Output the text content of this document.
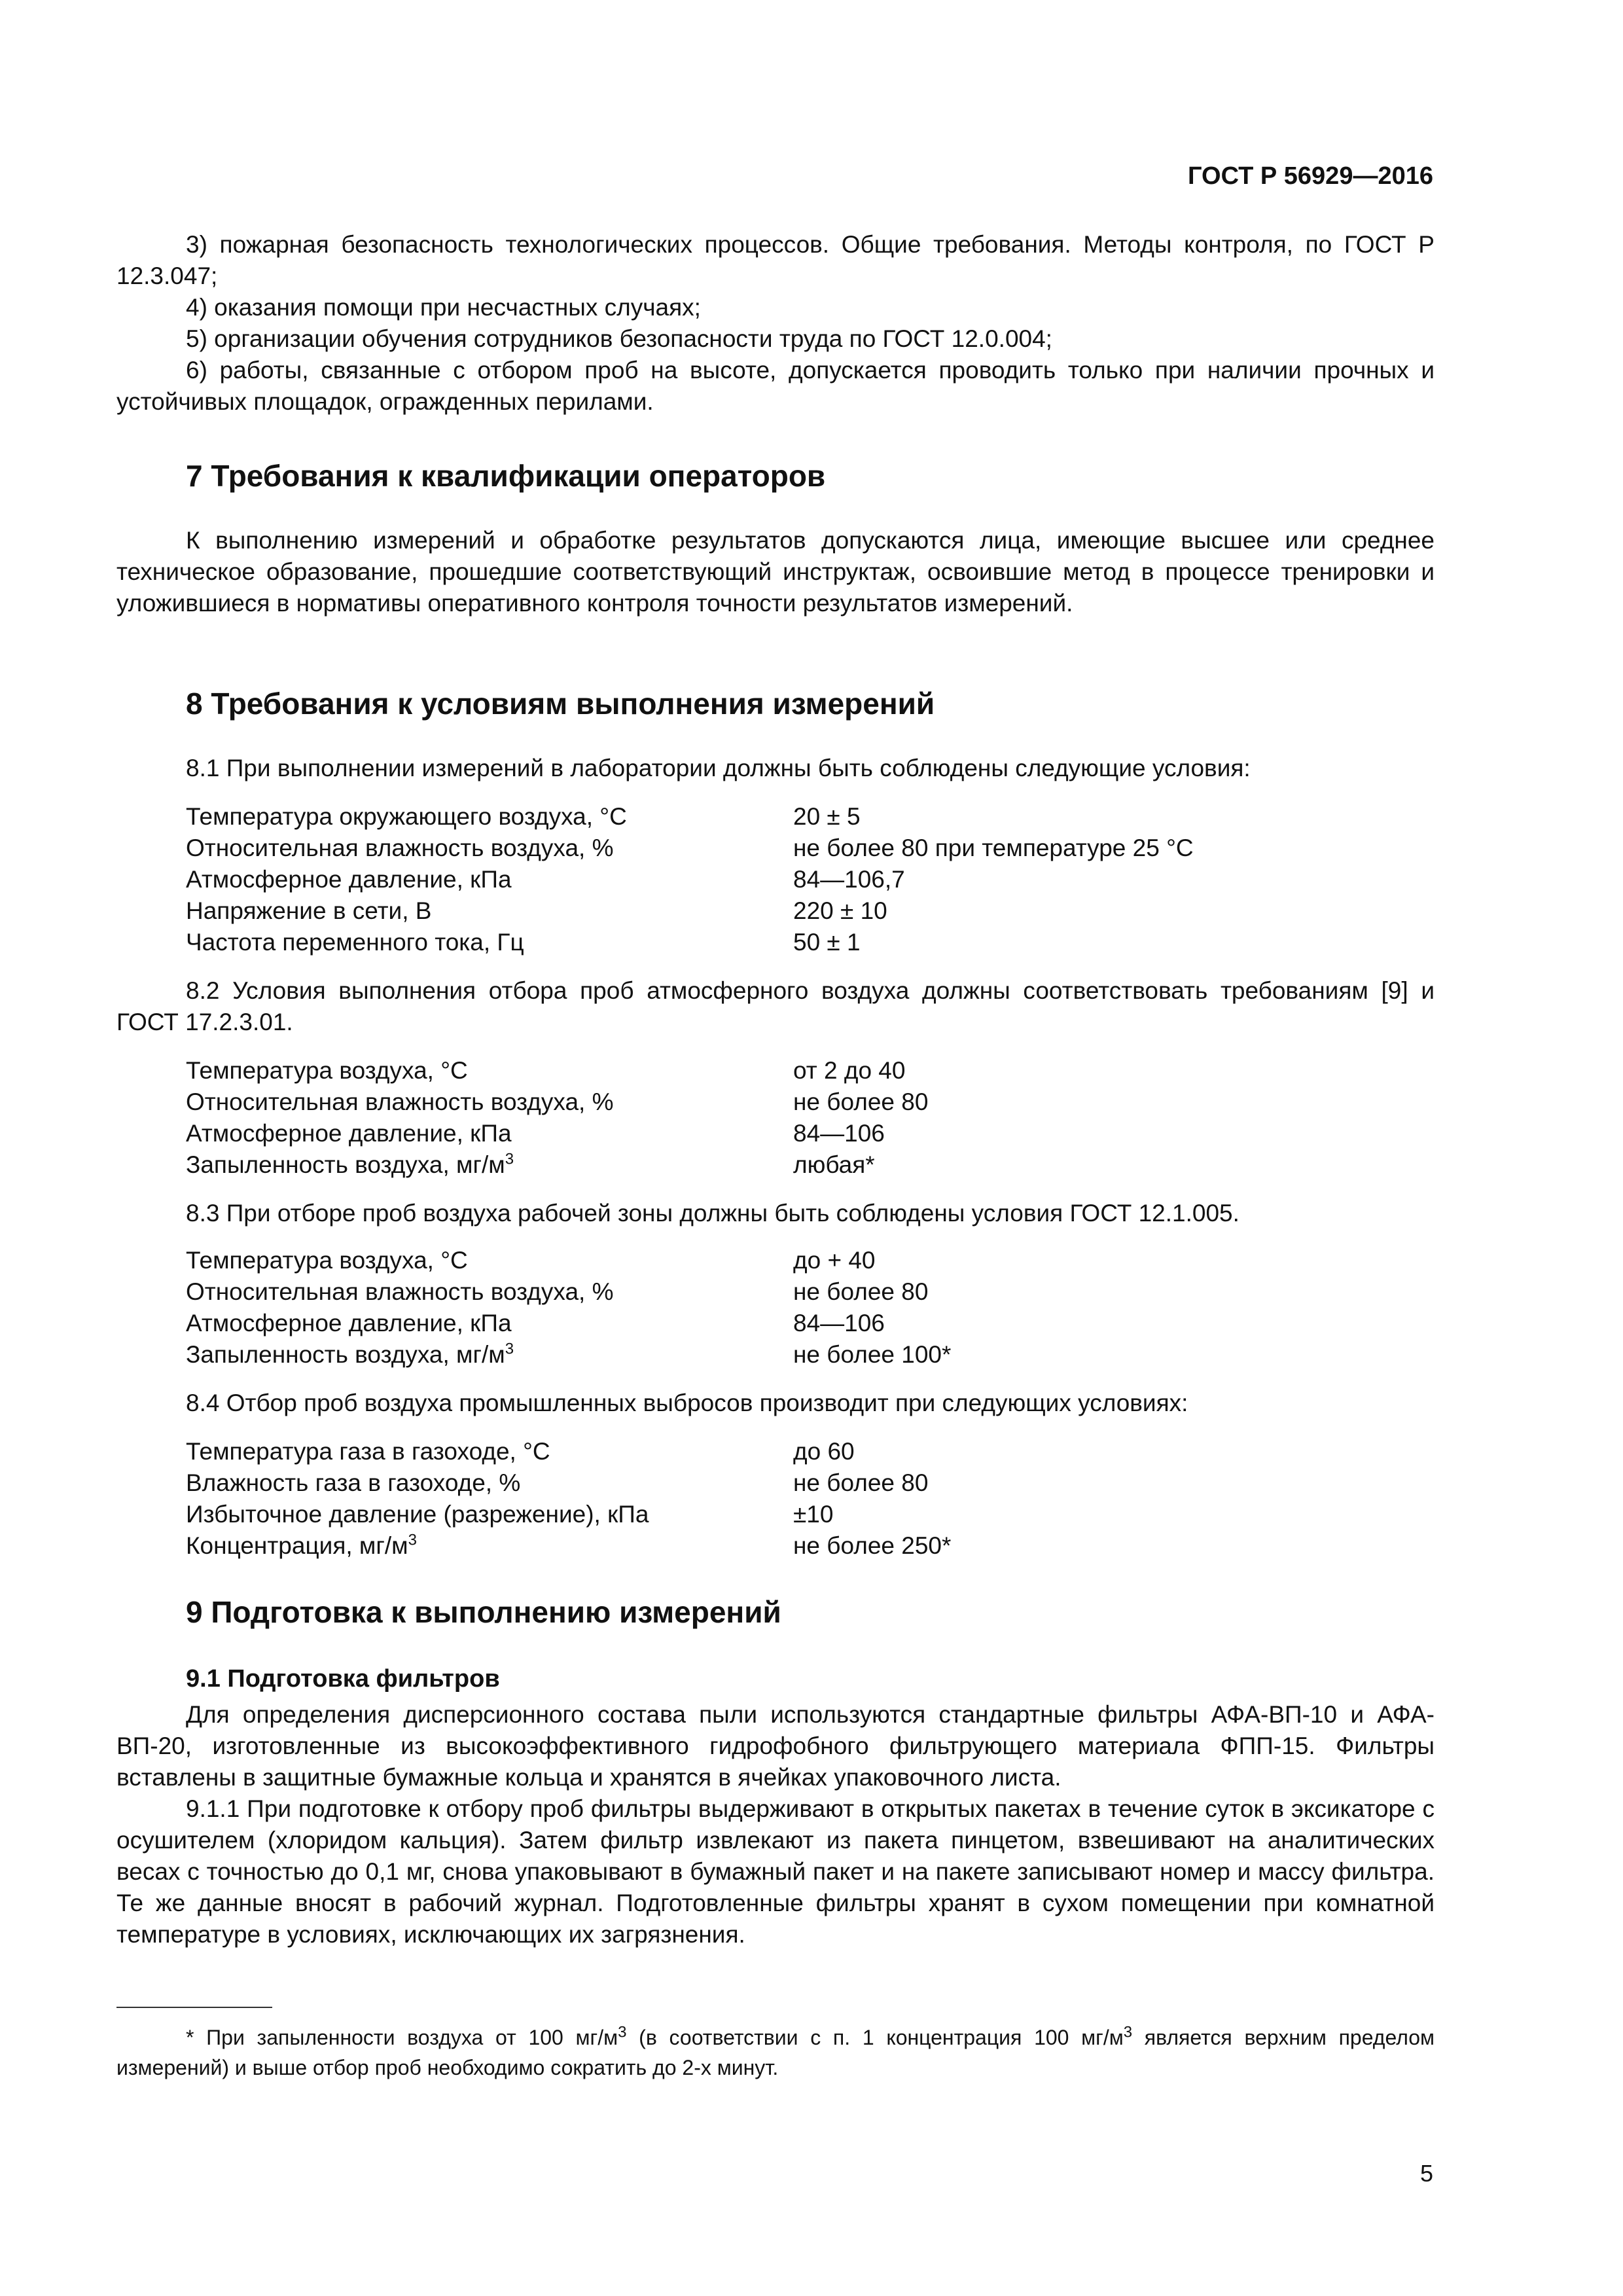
ГОСТ Р 56929—2016
3) пожарная безопасность технологических процессов. Общие требования. Методы контроля, по ГОСТ Р 12.3.047;
4) оказания помощи при несчастных случаях;
5) организации обучения сотрудников безопасности труда по ГОСТ 12.0.004;
6) работы, связанные с отбором проб на высоте, допускается проводить только при наличии прочных и устойчивых площадок, огражденных перилами.
7 Требования к квалификации операторов
К выполнению измерений и обработке результатов допускаются лица, имеющие высшее или среднее техническое образование, прошедшие соответствующий инструктаж, освоившие метод в процессе тренировки и уложившиеся в нормативы оперативного контроля точности результатов измерений.
8 Требования к условиям выполнения измерений
8.1 При выполнении измерений в лаборатории должны быть соблюдены следующие условия:
Температура окружающего воздуха, °С	20 ± 5
Относительная влажность воздуха, %	не более 80 при температуре 25 °С
Атмосферное давление, кПа	84—106,7
Напряжение в сети, В	220 ± 10
Частота переменного тока, Гц	50 ± 1
8.2 Условия выполнения отбора проб атмосферного воздуха должны соответствовать требованиям [9] и ГОСТ 17.2.3.01.
Температура воздуха, °С	от 2 до 40
Относительная влажность воздуха, %	не более 80
Атмосферное давление, кПа	84—106
Запыленность воздуха, $мг/м^3$	любая*
8.3 При отборе проб воздуха рабочей зоны должны быть соблюдены условия ГОСТ 12.1.005.
Температура воздуха, °С	до + 40
Относительная влажность воздуха, %	не более 80
Атмосферное давление, кПа	84—106
Запыленность воздуха, $мг/м^3$	не более 100*
8.4 Отбор проб воздуха промышленных выбросов производит при следующих условиях:
Температура газа в газоходе, °С	до 60
Влажность газа в газоходе, %	не более 80
Избыточное давление (разрежение), кПа	±10
Концентрация, $мг/м^3$	не более 250*
9 Подготовка к выполнению измерений
9.1 Подготовка фильтров
Для определения дисперсионного состава пыли используются стандартные фильтры АФА-ВП-10 и АФА-ВП-20, изготовленные из высокоэффективного гидрофобного фильтрующего материала ФПП-15. Фильтры вставлены в защитные бумажные кольца и хранятся в ячейках упаковочного листа.
9.1.1 При подготовке к отбору проб фильтры выдерживают в открытых пакетах в течение суток в эксикаторе с осушителем (хлоридом кальция). Затем фильтр извлекают из пакета пинцетом, взвешивают на аналитических весах с точностью до 0,1 мг, снова упаковывают в бумажный пакет и на пакете записывают номер и массу фильтра. Те же данные вносят в рабочий журнал. Подготовленные фильтры хранят в сухом помещении при комнатной температуре в условиях, исключающих их загрязнения.
* При запыленности воздуха от 100 $мг/м^3$ (в соответствии с п. 1 концентрация 100 $мг/м^3$ является верхним пределом измерений) и выше отбор проб необходимо сократить до 2-х минут.
5
